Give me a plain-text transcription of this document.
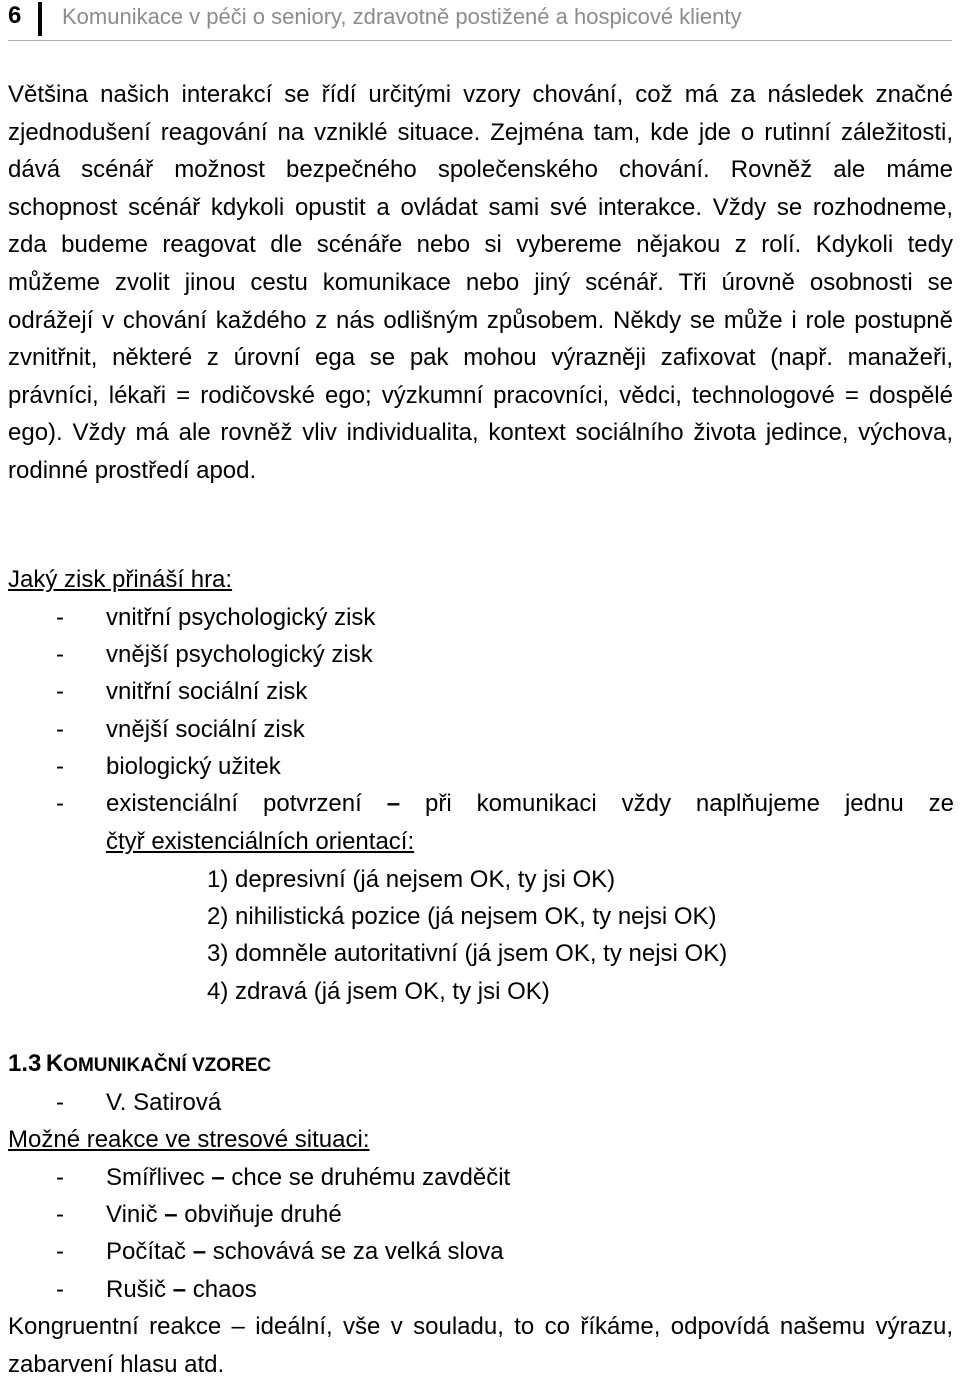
6 Komunikace v péči o seniory, zdravotně postižené a hospicové klienty
Většina našich interakcí se řídí určitými vzory chování, což má za následek značné zjednodušení reagování na vzniklé situace. Zejména tam, kde jde o rutinní záležitosti, dává scénář možnost bezpečného společenského chování. Rovněž ale máme schopnost scénář kdykoli opustit a ovládat sami své interakce. Vždy se rozhodneme, zda budeme reagovat dle scénáře nebo si vybereme nějakou z rolí. Kdykoli tedy můžeme zvolit jinou cestu komunikace nebo jiný scénář. Tři úrovně osobnosti se odrážejí v chování každého z nás odlišným způsobem. Někdy se může i role postupně zvnitřnit, některé z úrovní ega se pak mohou výrazněji zafixovat (např. manažeři, právníci, lékaři = rodičovské ego; výzkumní pracovníci, vědci, technologové = dospělé ego). Vždy má ale rovněž vliv individualita, kontext sociálního života jedince, výchova, rodinné prostředí apod.
Jaký zisk přináší hra:
- vnitřní psychologický zisk
- vnější psychologický zisk
- vnitřní sociální zisk
- vnější sociální zisk
- biologický užitek
- existenciální potvrzení – při komunikaci vždy naplňujeme jednu ze
čtyř existenciálních orientací:
1) depresivní (já nejsem OK, ty jsi OK)
2) nihilistická pozice (já nejsem OK, ty nejsi OK)
3) domněle autoritativní (já jsem OK, ty nejsi OK)
4) zdravá (já jsem OK, ty jsi OK)
1.3 KOMUNIKAČNÍ VZOREC
- V. Satirová
Možné reakce ve stresové situaci:
- Smířlivec – chce se druhému zavděčit
- Vinič – obviňuje druhé
- Počítač – schovává se za velká slova
- Rušič – chaos
Kongruentní reakce – ideální, vše v souladu, to co říkáme, odpovídá našemu výrazu, zabarvení hlasu atd.
